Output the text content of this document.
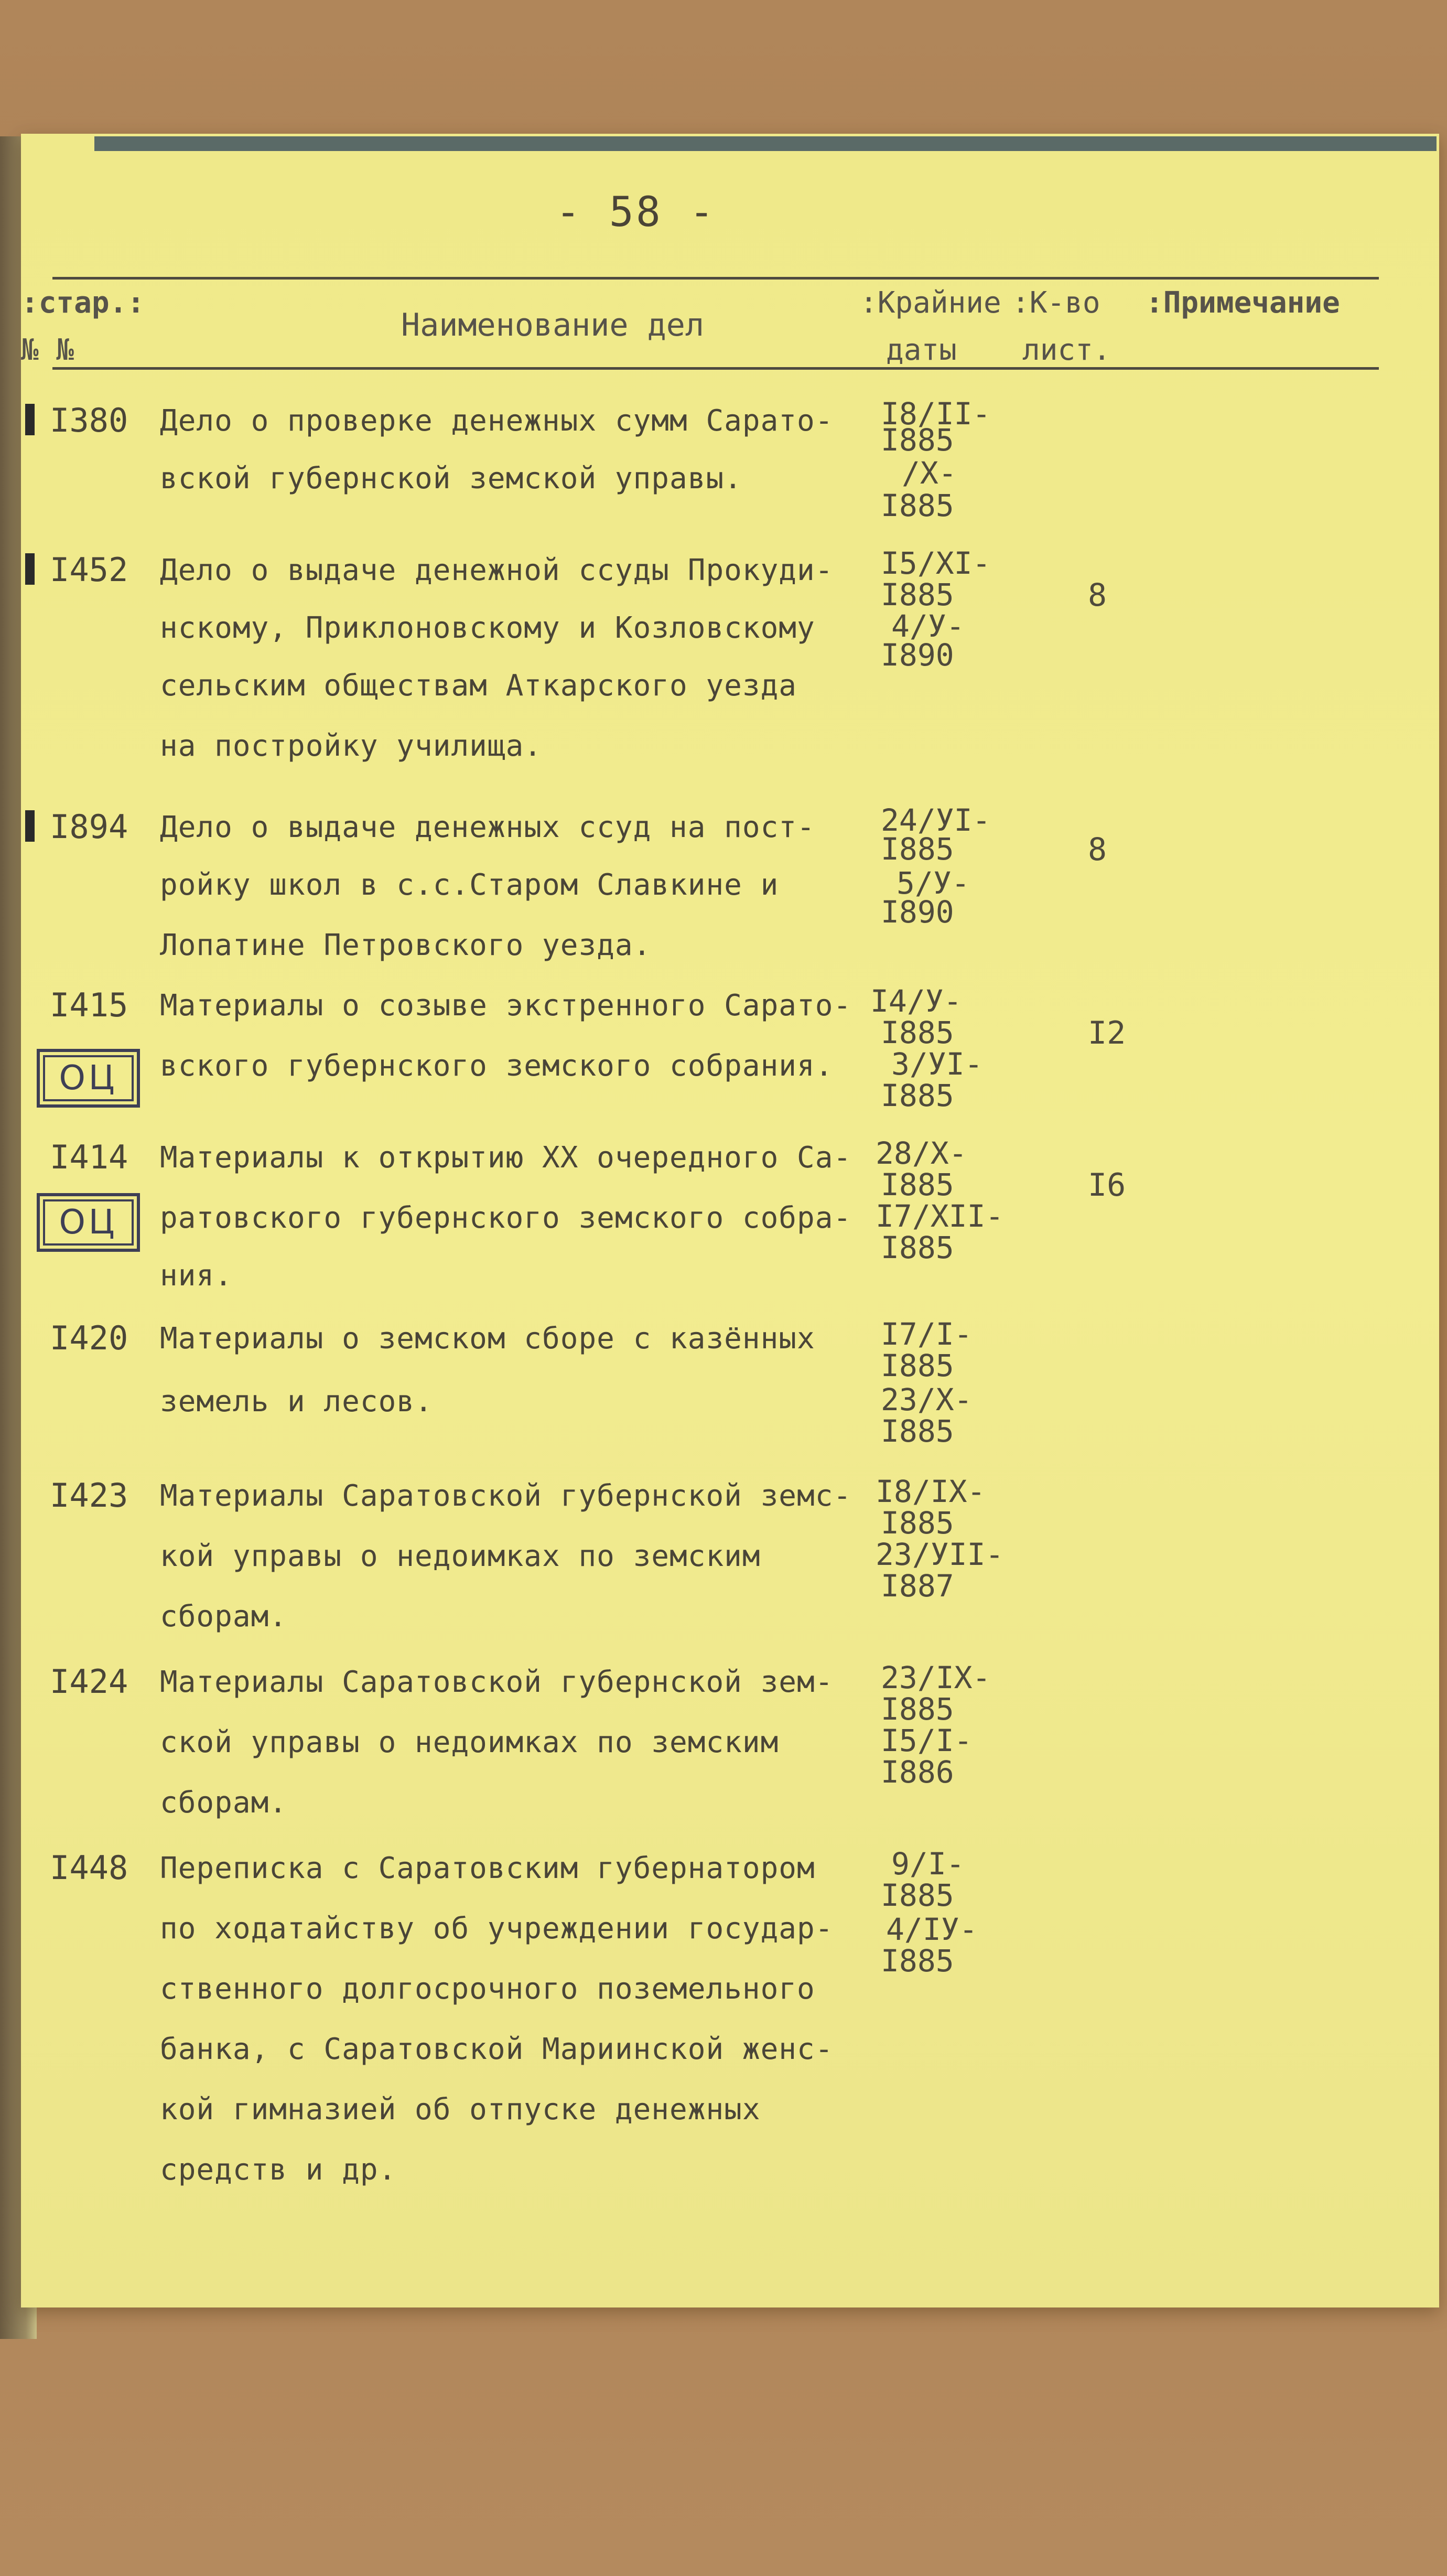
- 58 -
:стар.:
№ №
Наименование дел
:Крайние
даты
:К-во
лист.
:Примечание
I380 Дело о проверке денежных сумм Сарато-
вской губернской земской управы.
I8/II-
I885
/X-
I885
I452 Дело о выдаче денежной ссуды Прокуди-
нскому, Приклоновскому и Козловскому
сельским обществам Аткарского уезда
на постройку училища.
I5/XI-
I885
4/У-
I890
8
I894 Дело о выдаче денежных ссуд на пост-
ройку школ в с.с.Старом Славкине и
Лопатине Петровского уезда.
24/УI-
I885
5/У-
I890
8
I415
ОЦ
Материалы о созыве экстренного Сарато-
вского губернского земского собрания.
I4/У-
I885
3/УI-
I885
I2
I414
ОЦ
Материалы к открытию XX очередного Са-
ратовского губернского земского собра-
ния.
28/X-
I885
I7/XII-
I885
I6
I420 Материалы о земском сборе с казённых
земель и лесов.
I7/I-
I885
23/X-
I885
I423 Материалы Саратовской губернской земс-
кой управы о недоимках по земским
сборам.
I8/IX-
I885
23/УII-
I887
I424 Материалы Саратовской губернской зем-
ской управы о недоимках по земским
сборам.
23/IX-
I885
I5/I-
I886
I448 Переписка с Саратовским губернатором
по ходатайству об учреждении государ-
ственного долгосрочного поземельного
банка, с Саратовской Мариинской женс-
кой гимназией об отпуске денежных
средств и др.
9/I-
I885
4/IУ-
I885
